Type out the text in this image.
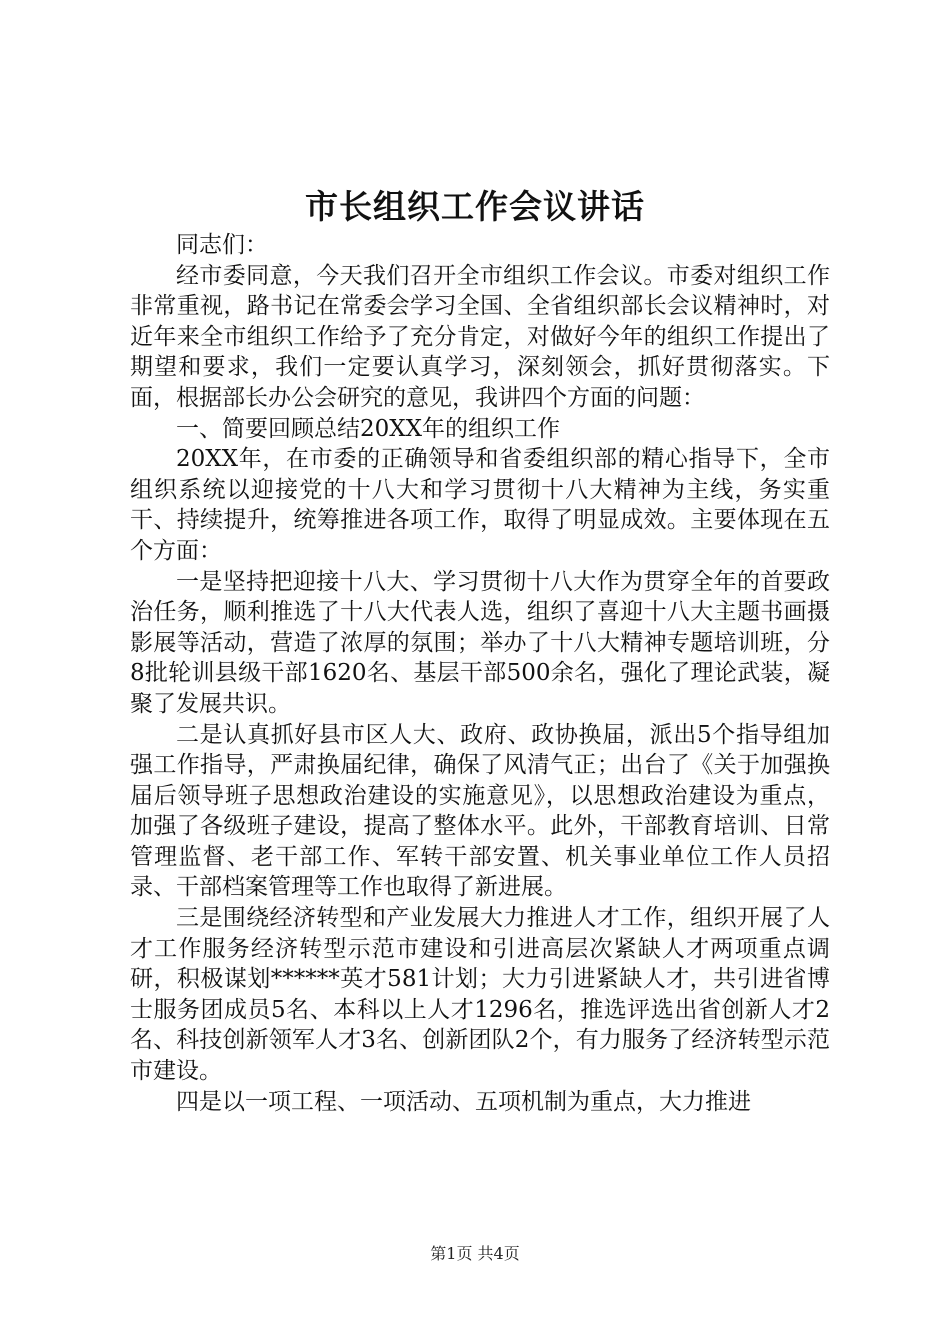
市长组织工作会议讲话

同志们：

经市委同意，今天我们召开全市组织工作会议。市委对组织工作非常重视，路书记在常委会学习全国、全省组织部长会议精神时，对近年来全市组织工作给予了充分肯定，对做好今年的组织工作提出了期望和要求，我们一定要认真学习，深刻领会，抓好贯彻落实。下面，根据部长办公会研究的意见，我讲四个方面的问题：

一、简要回顾总结20XX年的组织工作

20XX年，在市委的正确领导和省委组织部的精心指导下，全市组织系统以迎接党的十八大和学习贯彻十八大精神为主线，务实重干、持续提升，统筹推进各项工作，取得了明显成效。主要体现在五个方面：

一是坚持把迎接十八大、学习贯彻十八大作为贯穿全年的首要政治任务，顺利推选了十八大代表人选，组织了喜迎十八大主题书画摄影展等活动，营造了浓厚的氛围；举办了十八大精神专题培训班，分8批轮训县级干部1620名、基层干部500余名，强化了理论武装，凝聚了发展共识。

二是认真抓好县市区人大、政府、政协换届，派出5个指导组加强工作指导，严肃换届纪律，确保了风清气正；出台了《关于加强换届后领导班子思想政治建设的实施意见》，以思想政治建设为重点，加强了各级班子建设，提高了整体水平。此外，干部教育培训、日常管理监督、老干部工作、军转干部安置、机关事业单位工作人员招录、干部档案管理等工作也取得了新进展。

三是围绕经济转型和产业发展大力推进人才工作，组织开展了人才工作服务经济转型示范市建设和引进高层次紧缺人才两项重点调研，积极谋划******英才581计划；大力引进紧缺人才，共引进省博士服务团成员5名、本科以上人才1296名，推选评选出省创新人才2名、科技创新领军人才3名、创新团队2个，有力服务了经济转型示范市建设。

四是以一项工程、一项活动、五项机制为重点，大力推进

第1页 共4页
